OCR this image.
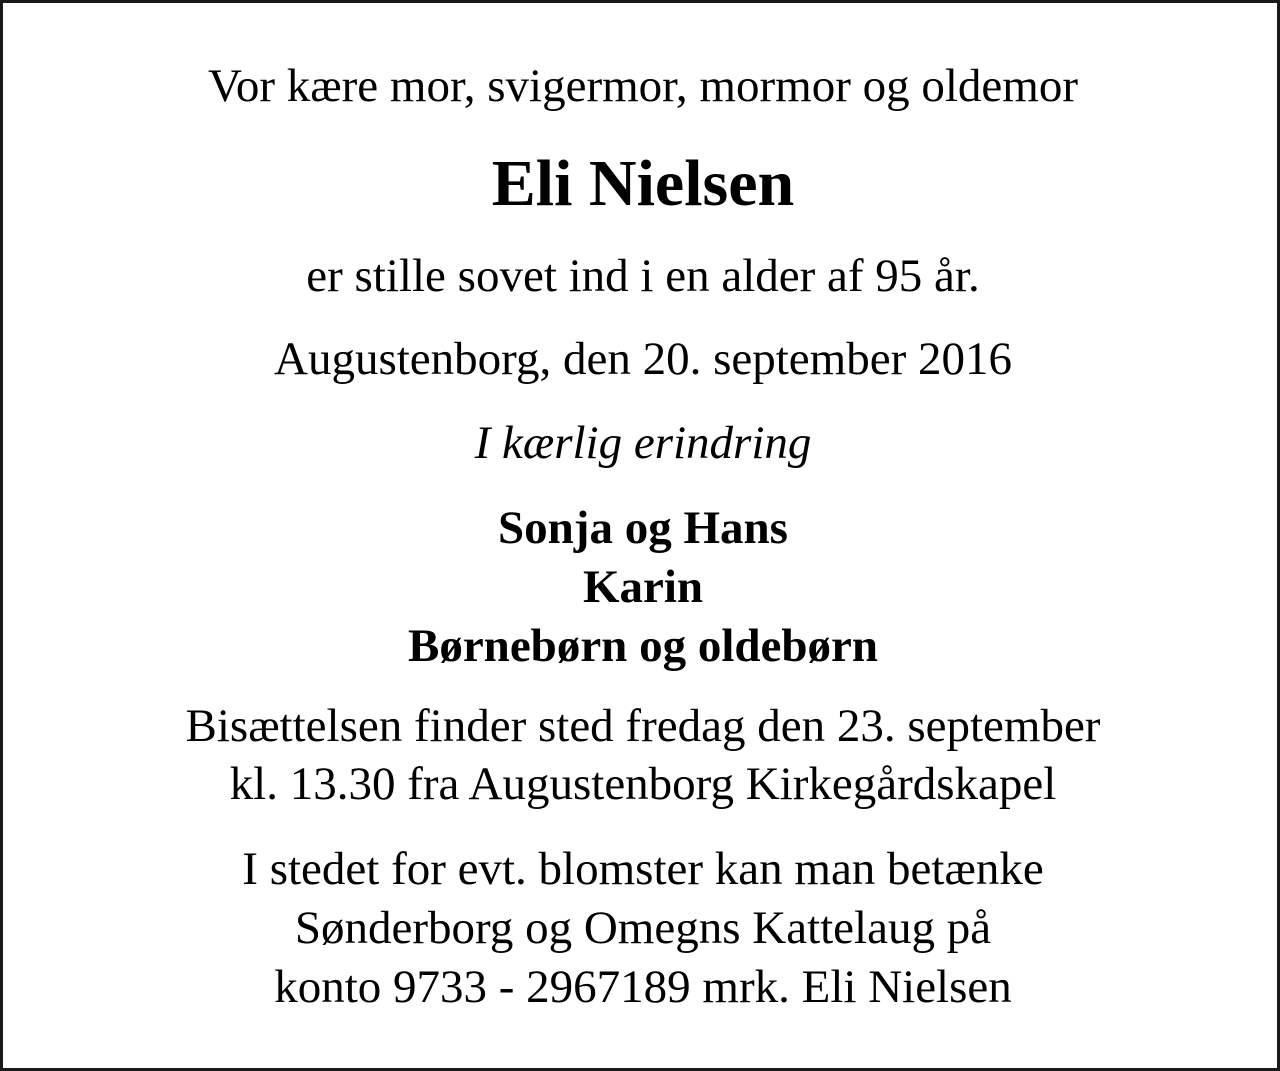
Vor kære mor, svigermor, mormor og oldemor
Eli Nielsen
er stille sovet ind i en alder af 95 år.
Augustenborg, den 20. september 2016
I kærlig erindring
Sonja og Hans
Karin
Børnebørn og oldebørn
Bisættelsen finder sted fredag den 23. september
kl. 13.30 fra Augustenborg Kirkegårdskapel
I stedet for evt. blomster kan man betænke
Sønderborg og Omegns Kattelaug på
konto 9733 - 2967189 mrk. Eli Nielsen
